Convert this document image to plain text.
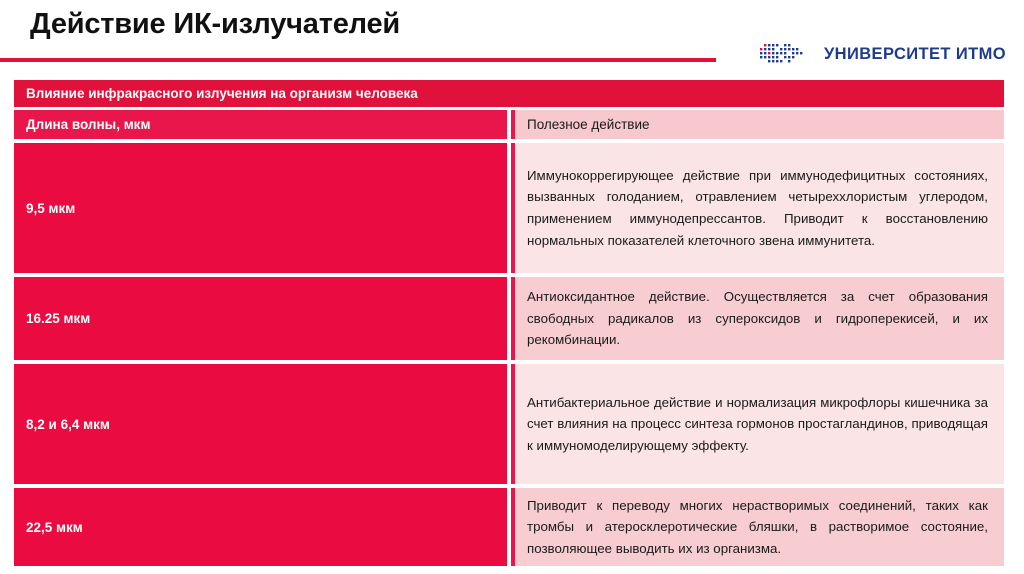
Действие ИК-излучателей
УНИВЕРСИТЕТ ИТМО
Влияние инфракрасного излучения на организм человека
Длина волны, мкм	Полезное действие
9,5 мкм

Иммунокоррегирующее действие при иммунодефицитных состояниях, вызванных голоданием, отравлением четыреххлористым углеродом, применением иммунодепрессантов. Приводит к восстановлению нормальных показателей клеточного звена иммунитета.

16.25 мкм

Антиоксидантное действие. Осуществляется за счет образования свободных радикалов из супероксидов и гидроперекисей, и их рекомбинации.

8,2 и 6,4 мкм

Антибактериальное действие и нормализация микрофлоры кишечника за счет влияния на процесс синтеза гормонов простагландинов, приводящая к иммуномоделирующему эффекту.

22,5 мкм

Приводит к переводу многих нерастворимых соединений, таких как тромбы и атеросклеротические бляшки, в растворимое состояние, позволяющее выводить их из организма.
